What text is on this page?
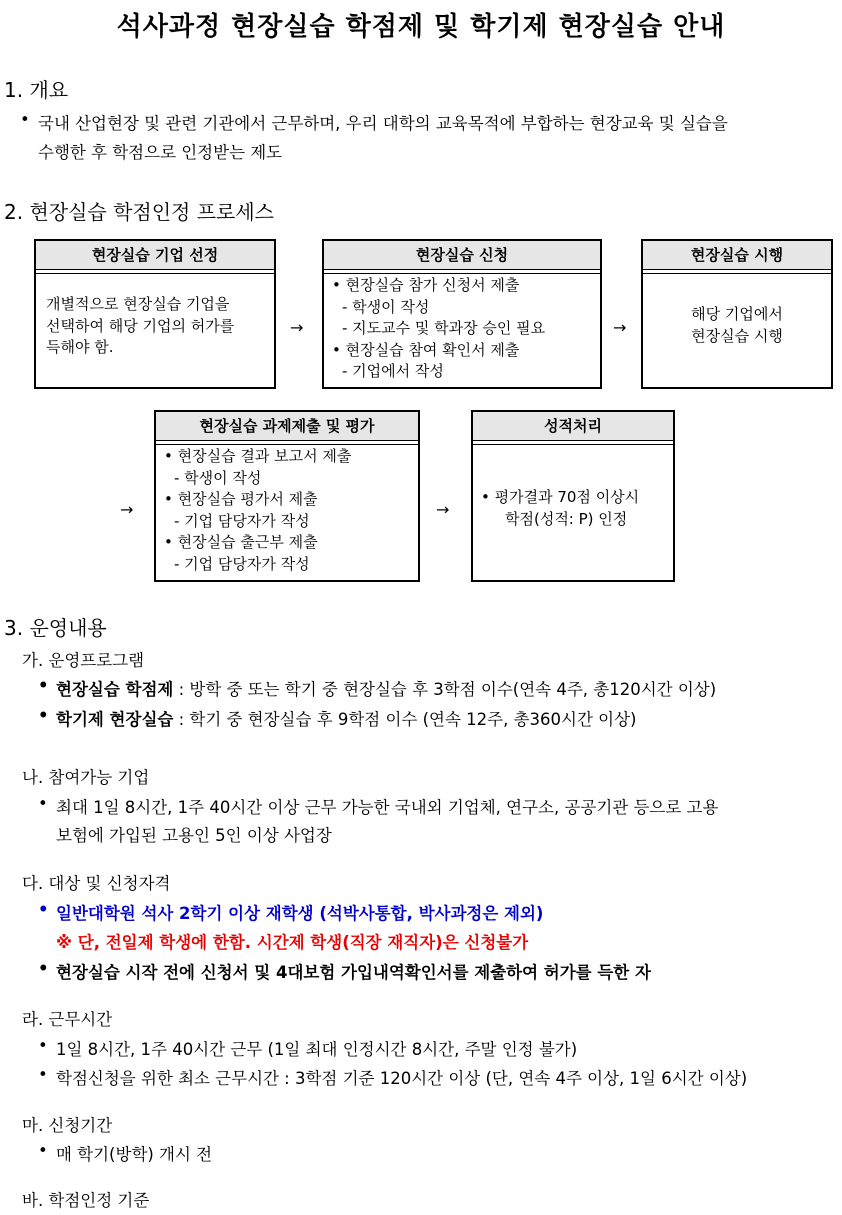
석사과정 현장실습 학점제 및 학기제 현장실습 안내
1. 개요
• 국내 산업현장 및 관련 기관에서 근무하며, 우리 대학의 교육목적에 부합하는 현장교육 및 실습을
수행한 후 학점으로 인정받는 제도
2. 현장실습 학점인정 프로세스
현장실습 기업 선정
개별적으로 현장실습 기업을
선택하여 해당 기업의 허가를
득해야 함.
→
현장실습 신청
• 현장실습 참가 신청서 제출
- 학생이 작성
- 지도교수 및 학과장 승인 필요
• 현장실습 참여 확인서 제출
- 기업에서 작성
→
현장실습 시행
해당 기업에서
현장실습 시행
→
현장실습 과제제출 및 평가
• 현장실습 결과 보고서 제출
- 학생이 작성
• 현장실습 평가서 제출
- 기업 담당자가 작성
• 현장실습 출근부 제출
- 기업 담당자가 작성
→
성적처리
• 평가결과 70점 이상시
학점(성적: P) 인정
3. 운영내용
가. 운영프로그램
• 현장실습 학점제 : 방학 중 또는 학기 중 현장실습 후 3학점 이수(연속 4주, 총120시간 이상)
• 학기제 현장실습 : 학기 중 현장실습 후 9학점 이수 (연속 12주, 총360시간 이상)
나. 참여가능 기업
• 최대 1일 8시간, 1주 40시간 이상 근무 가능한 국내외 기업체, 연구소, 공공기관 등으로 고용
보험에 가입된 고용인 5인 이상 사업장
다. 대상 및 신청자격
• 일반대학원 석사 2학기 이상 재학생 (석박사통합, 박사과정은 제외)
※ 단, 전일제 학생에 한함. 시간제 학생(직장 재직자)은 신청불가
• 현장실습 시작 전에 신청서 및 4대보험 가입내역확인서를 제출하여 허가를 득한 자
라. 근무시간
• 1일 8시간, 1주 40시간 근무 (1일 최대 인정시간 8시간, 주말 인정 불가)
• 학점신청을 위한 최소 근무시간 : 3학점 기준 120시간 이상 (단, 연속 4주 이상, 1일 6시간 이상)
마. 신청기간
• 매 학기(방학) 개시 전
바. 학점인정 기준
